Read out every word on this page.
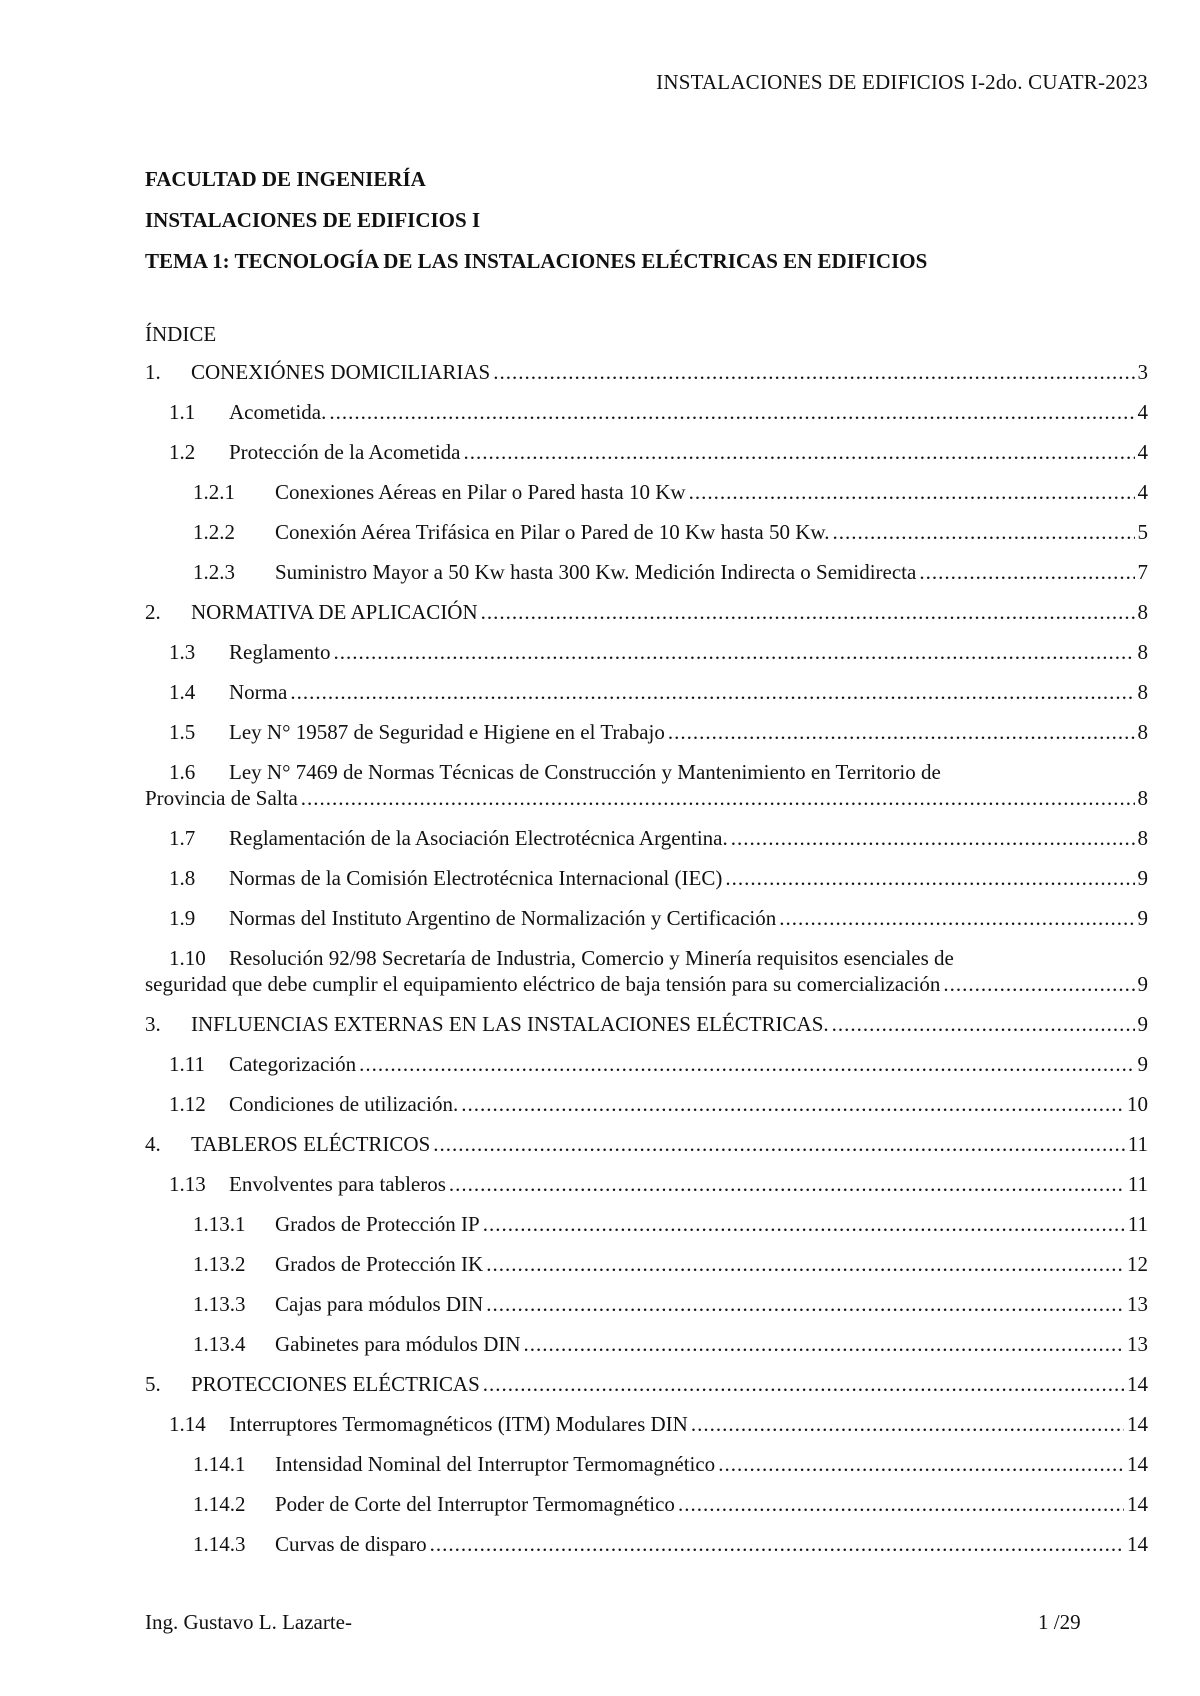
INSTALACIONES DE EDIFICIOS I-2do. CUATR-2023
FACULTAD DE INGENIERÍA
INSTALACIONES DE EDIFICIOS I
TEMA 1: TECNOLOGÍA DE LAS INSTALACIONES ELÉCTRICAS EN EDIFICIOS
ÍNDICE
1.	CONEXIÓNES DOMICILIARIAS .....	3
1.1	Acometida. .....	4
1.2	Protección de la Acometida .....	4
1.2.1	Conexiones Aéreas en Pilar o Pared hasta 10 Kw .....	4
1.2.2	Conexión Aérea Trifásica en Pilar o Pared de 10 Kw hasta 50 Kw. .....	5
1.2.3	Suministro Mayor a 50 Kw hasta 300 Kw. Medición Indirecta o Semidirecta .....	7
2.	NORMATIVA DE APLICACIÓN .....	8
1.3	Reglamento .....	8
1.4	Norma .....	8
1.5	Ley N° 19587 de Seguridad e Higiene en el Trabajo .....	8
1.6	Ley N° 7469 de Normas Técnicas de Construcción y Mantenimiento en Territorio de
Provincia de Salta .....	8
1.7	Reglamentación de la Asociación Electrotécnica Argentina. .....	8
1.8	Normas de la Comisión Electrotécnica Internacional (IEC) .....	9
1.9	Normas del Instituto Argentino de Normalización y Certificación .....	9
1.10	Resolución 92/98 Secretaría de Industria, Comercio y Minería requisitos esenciales de
seguridad que debe cumplir el equipamiento eléctrico de baja tensión para su comercialización .....	9
3.	INFLUENCIAS EXTERNAS EN LAS INSTALACIONES ELÉCTRICAS. .....	9
1.11	Categorización .....	9
1.12	Condiciones de utilización. .....	10
4.	TABLEROS ELÉCTRICOS .....	11
1.13	Envolventes para tableros .....	11
1.13.1	Grados de Protección IP .....	11
1.13.2	Grados de Protección IK .....	12
1.13.3	Cajas para módulos DIN .....	13
1.13.4	Gabinetes para módulos DIN .....	13
5.	PROTECCIONES ELÉCTRICAS .....	14
1.14	Interruptores Termomagnéticos (ITM) Modulares DIN .....	14
1.14.1	Intensidad Nominal del Interruptor Termomagnético .....	14
1.14.2	Poder de Corte del Interruptor Termomagnético .....	14
1.14.3	Curvas de disparo .....	14
Ing. Gustavo L. Lazarte-	1 /29
